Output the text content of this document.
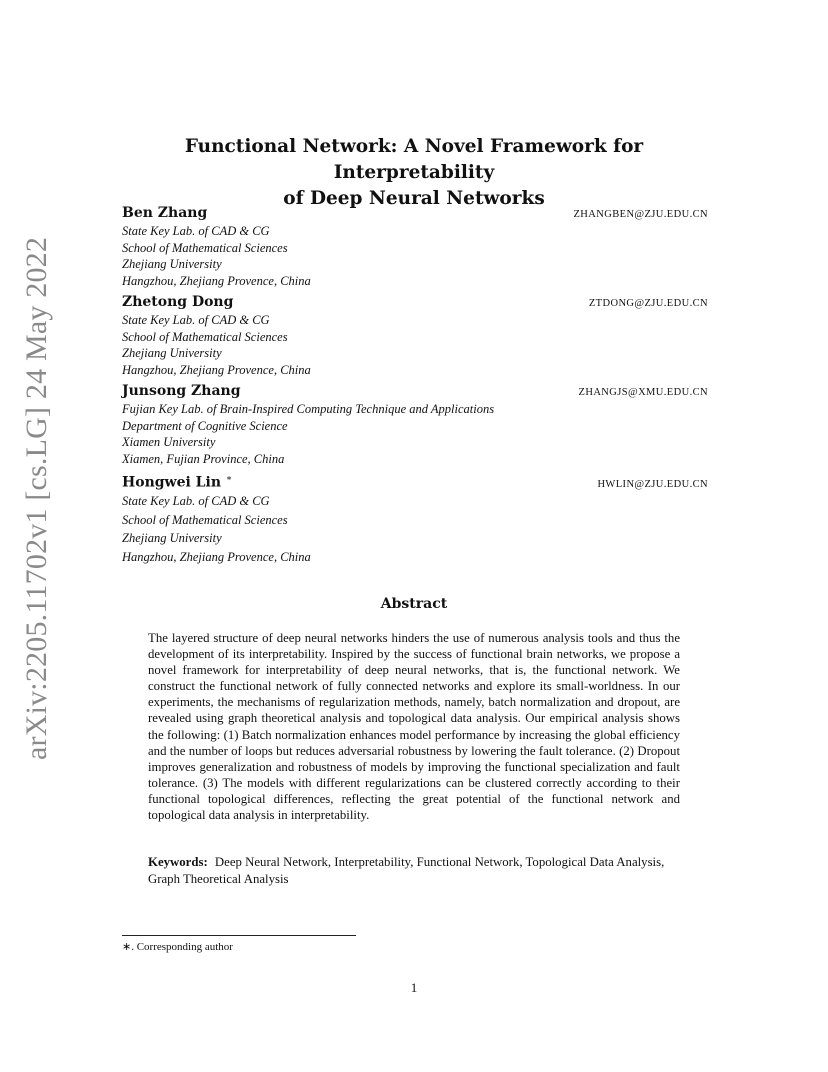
arXiv:2205.11702v1 [cs.LG] 24 May 2022
Functional Network: A Novel Framework for Interpretability
of Deep Neural Networks
Ben Zhang	ZHANGBEN@ZJU.EDU.CN
State Key Lab. of CAD & CG
School of Mathematical Sciences
Zhejiang University
Hangzhou, Zhejiang Provence, China
Zhetong Dong	ZTDONG@ZJU.EDU.CN
State Key Lab. of CAD & CG
School of Mathematical Sciences
Zhejiang University
Hangzhou, Zhejiang Provence, China
Junsong Zhang	ZHANGJS@XMU.EDU.CN
Fujian Key Lab. of Brain-Inspired Computing Technique and Applications
Department of Cognitive Science
Xiamen University
Xiamen, Fujian Province, China
Hongwei Lin ∗	HWLIN@ZJU.EDU.CN
State Key Lab. of CAD & CG
School of Mathematical Sciences
Zhejiang University
Hangzhou, Zhejiang Provence, China
Abstract
The layered structure of deep neural networks hinders the use of numerous analysis tools and thus the development of its interpretability. Inspired by the success of functional brain networks, we propose a novel framework for interpretability of deep neural networks, that is, the functional network. We construct the functional network of fully connected networks and explore its small-worldness. In our experiments, the mechanisms of regularization methods, namely, batch normalization and dropout, are revealed using graph theoretical analysis and topological data analysis. Our empirical analysis shows the following: (1) Batch normalization enhances model performance by increasing the global efficiency and the number of loops but reduces adversarial robustness by lowering the fault tolerance. (2) Dropout improves generalization and robustness of models by improving the functional specialization and fault tolerance. (3) The models with different regularizations can be clustered correctly according to their functional topological differences, reflecting the great potential of the functional network and topological data analysis in interpretability.
Keywords: Deep Neural Network, Interpretability, Functional Network, Topological Data Analysis, Graph Theoretical Analysis
∗. Corresponding author
1
